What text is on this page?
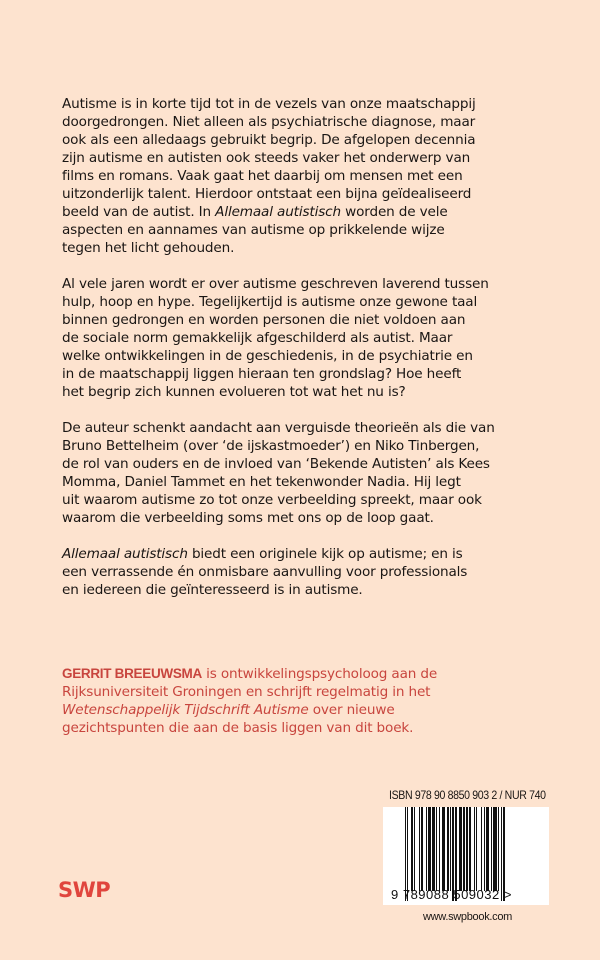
Autisme is in korte tijd tot in de vezels van onze maatschappij
doorgedrongen. Niet alleen als psychiatrische diagnose, maar
ook als een alledaags gebruikt begrip. De afgelopen decennia
zijn autisme en autisten ook steeds vaker het onderwerp van
films en romans. Vaak gaat het daarbij om mensen met een
uitzonderlijk talent. Hierdoor ontstaat een bijna geïdealiseerd
beeld van de autist. In Allemaal autistisch worden de vele
aspecten en aannames van autisme op prikkelende wijze
tegen het licht gehouden.

Al vele jaren wordt er over autisme geschreven laverend tussen
hulp, hoop en hype. Tegelijkertijd is autisme onze gewone taal
binnen gedrongen en worden personen die niet voldoen aan
de sociale norm gemakkelijk afgeschilderd als autist. Maar
welke ontwikkelingen in de geschiedenis, in de psychiatrie en
in de maatschappij liggen hieraan ten grondslag? Hoe heeft
het begrip zich kunnen evolueren tot wat het nu is?

De auteur schenkt aandacht aan verguisde theorieën als die van
Bruno Bettelheim (over ‘de ijskastmoeder’) en Niko Tinbergen,
de rol van ouders en de invloed van ‘Bekende Autisten’ als Kees
Momma, Daniel Tammet en het tekenwonder Nadia. Hij legt
uit waarom autisme zo tot onze verbeelding spreekt, maar ook
waarom die verbeelding soms met ons op de loop gaat.

Allemaal autistisch biedt een originele kijk op autisme; en is
een verrassende én onmisbare aanvulling voor professionals
en iedereen die geïnteresseerd is in autisme.

GERRIT BREEUWSMA is ontwikkelingspsycholoog aan de
Rijksuniversiteit Groningen en schrijft regelmatig in het
Wetenschappelijk Tijdschrift Autisme over nieuwe
gezichtspunten die aan de basis liggen van dit boek.
ISBN 978 90 8850 903 2 / NUR 740
9 789088 509032 >
www.swpbook.com
SWP
